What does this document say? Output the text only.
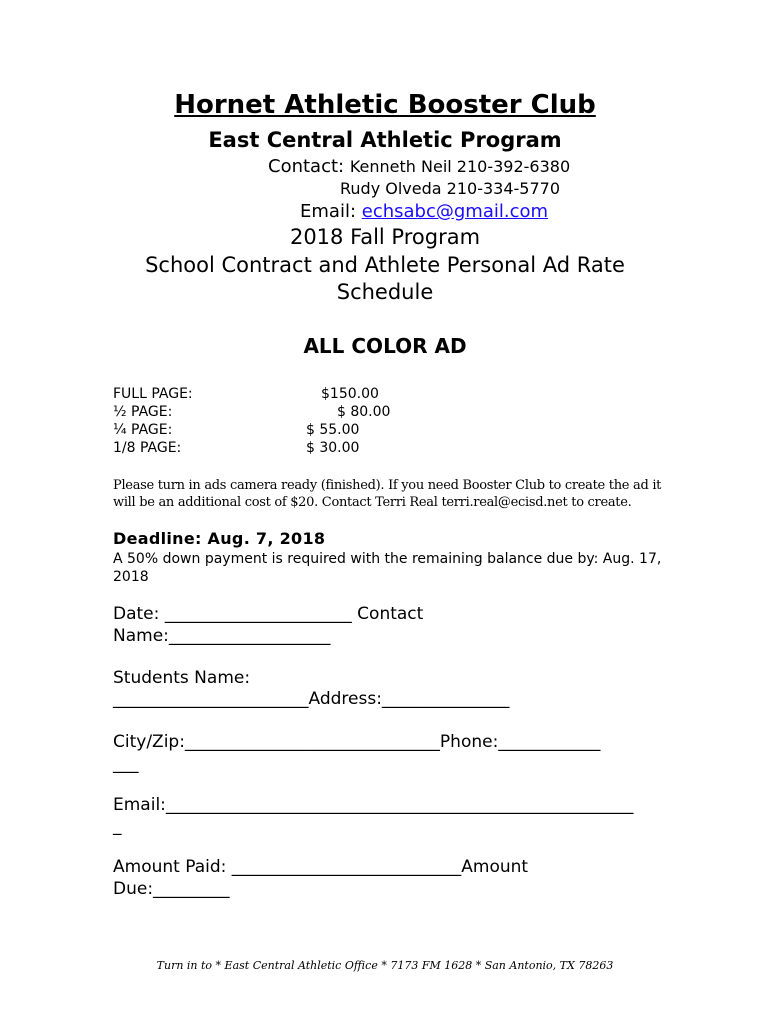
Hornet Athletic Booster Club
East Central Athletic Program
Contact: Kenneth Neil 210-392-6380
Rudy Olveda 210-334-5770
Email: echsabc@gmail.com
2018 Fall Program
School Contract and Athlete Personal Ad Rate Schedule
ALL COLOR AD
FULL PAGE:	$150.00
½ PAGE:	$ 80.00
¼ PAGE:	$ 55.00
1/8 PAGE:	$ 30.00
Please turn in ads camera ready (finished). If you need Booster Club to create the ad it will be an additional cost of $20. Contact Terri Real terri.real@ecisd.net to create.
Deadline: Aug. 7, 2018
A 50% down payment is required with the remaining balance due by: Aug. 17, 2018
Date: ______________________ Contact
Name:___________________
Students Name:
_______________________Address:_______________
City/Zip:______________________________Phone:____________
___
Email:_______________________________________________________
_
Amount Paid: ___________________________Amount
Due:_________
Turn in to * East Central Athletic Office * 7173 FM 1628 * San Antonio, TX 78263
